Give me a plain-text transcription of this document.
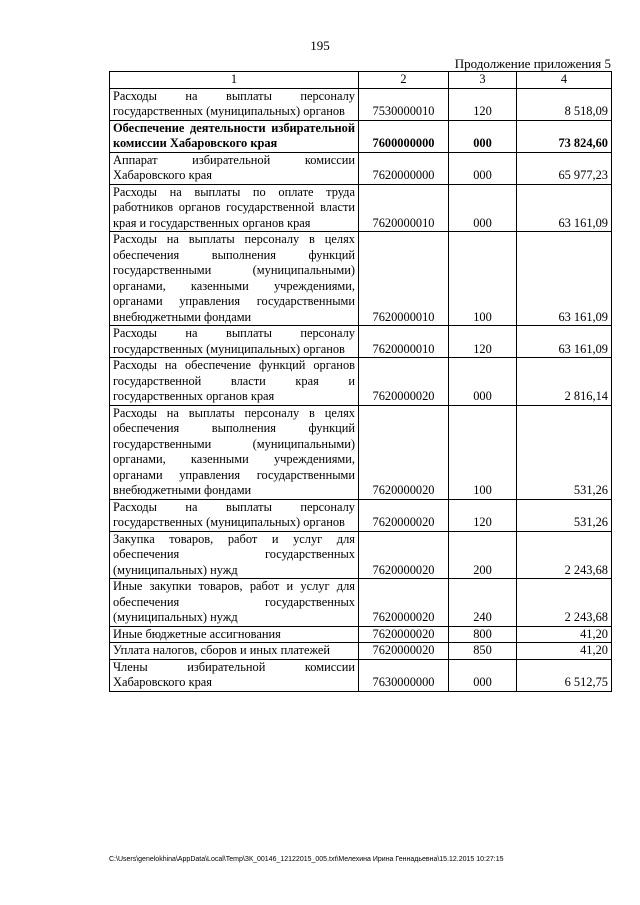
195
Продолжение приложения 5
1	2	3	4
Расходы на выплаты персоналу государственных (муниципальных) органов	7530000010	120	8 518,09
Обеспечение деятельности избирательной комиссии Хабаровского края	7600000000	000	73 824,60
Аппарат избирательной комиссии Хабаровского края	7620000000	000	65 977,23
Расходы на выплаты по оплате труда работников органов государственной власти края и государственных органов края	7620000010	000	63 161,09
Расходы на выплаты персоналу в целях обеспечения выполнения функций государственными (муниципальными) органами, казенными учреждениями, органами управления государственными внебюджетными фондами	7620000010	100	63 161,09
Расходы на выплаты персоналу государственных (муниципальных) органов	7620000010	120	63 161,09
Расходы на обеспечение функций органов государственной власти края и государственных органов края	7620000020	000	2 816,14
Расходы на выплаты персоналу в целях обеспечения выполнения функций государственными (муниципальными) органами, казенными учреждениями, органами управления государственными внебюджетными фондами	7620000020	100	531,26
Расходы на выплаты персоналу государственных (муниципальных) органов	7620000020	120	531,26
Закупка товаров, работ и услуг для обеспечения государственных (муниципальных) нужд	7620000020	200	2 243,68
Иные закупки товаров, работ и услуг для обеспечения государственных (муниципальных) нужд	7620000020	240	2 243,68
Иные бюджетные ассигнования	7620000020	800	41,20
Уплата налогов, сборов и иных платежей	7620000020	850	41,20
Члены избирательной комиссии Хабаровского края	7630000000	000	6 512,75
C:\Users\genelokhina\AppData\Local\Temp\ЗК_00146_12122015_005.txt\Мелехина Ирина Геннадьевна\15.12.2015 10:27:15
